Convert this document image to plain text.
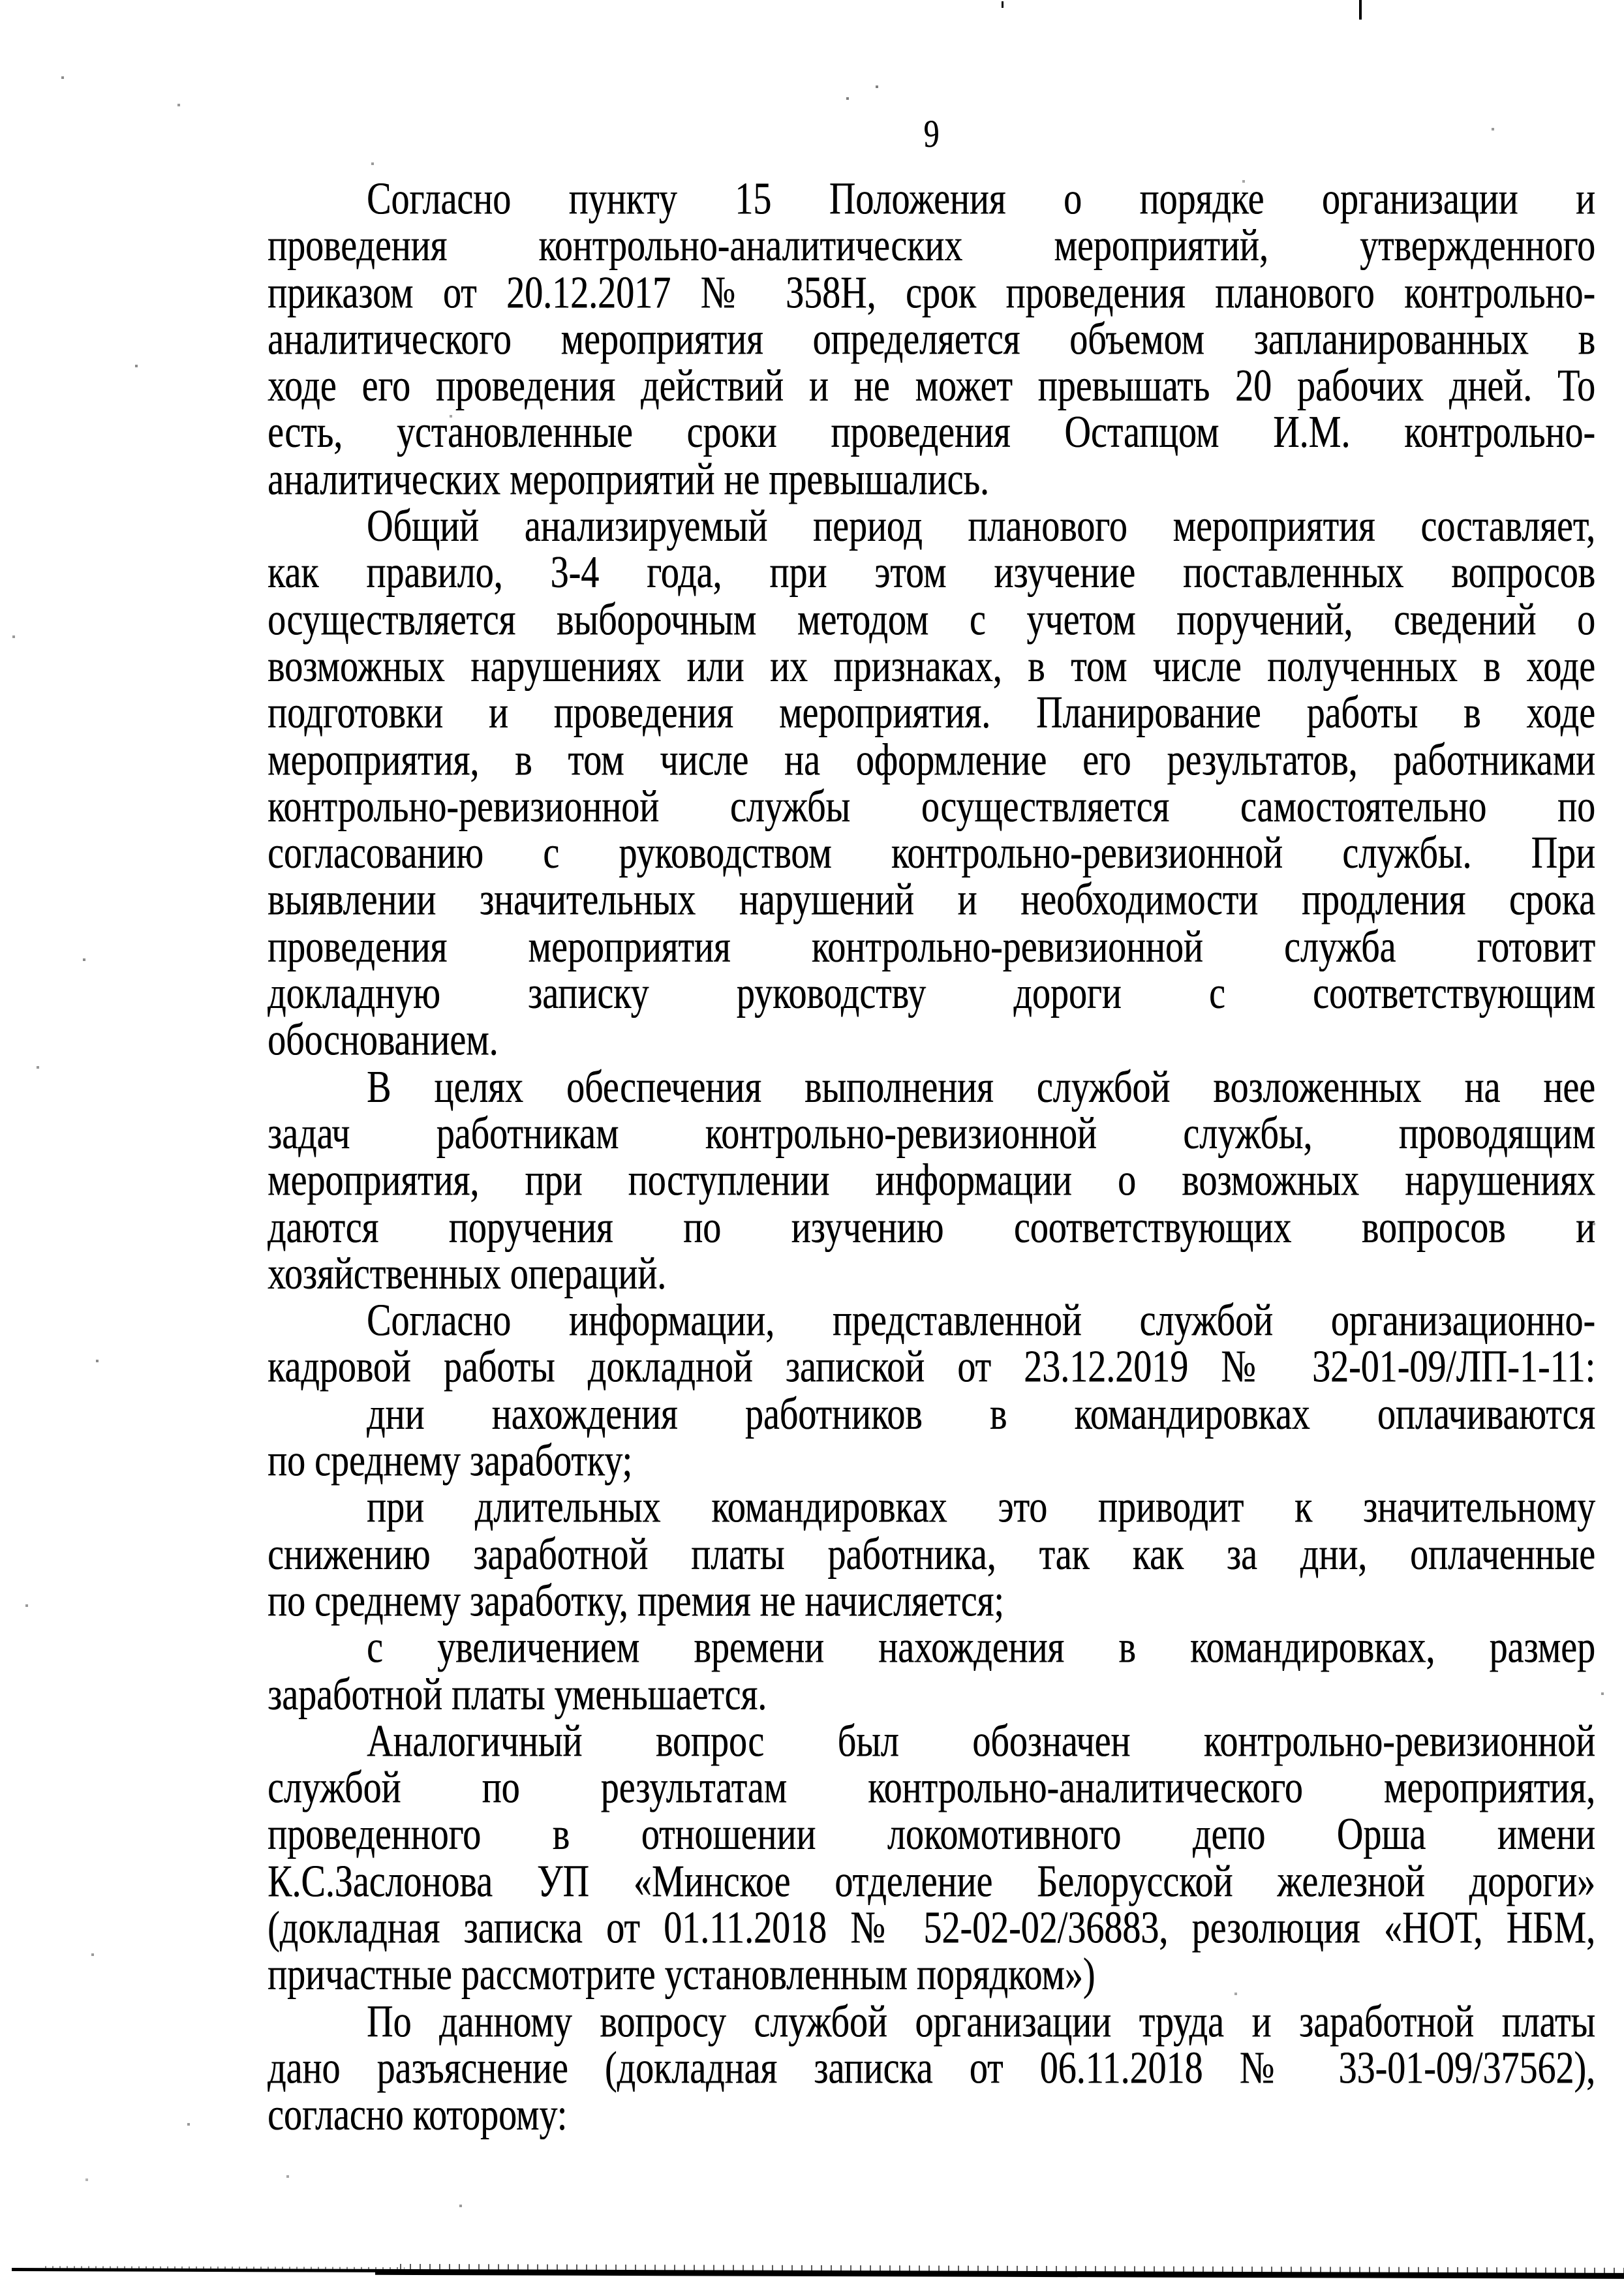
9
Согласно пункту 15 Положения о порядке организации и
проведения контрольно-аналитических мероприятий, утвержденного
приказом от 20.12.2017 № 358Н, срок проведения планового контрольно-
аналитического мероприятия определяется объемом запланированных в
ходе его проведения действий и не может превышать 20 рабочих дней. То
есть, установленные сроки проведения Остапцом И.М. контрольно-
аналитических мероприятий не превышались.
Общий анализируемый период планового мероприятия составляет,
как правило, 3-4 года, при этом изучение поставленных вопросов
осуществляется выборочным методом с учетом поручений, сведений о
возможных нарушениях или их признаках, в том числе полученных в ходе
подготовки и проведения мероприятия. Планирование работы в ходе
мероприятия, в том числе на оформление его результатов, работниками
контрольно-ревизионной службы осуществляется самостоятельно по
согласованию с руководством контрольно-ревизионной службы. При
выявлении значительных нарушений и необходимости продления срока
проведения мероприятия контрольно-ревизионной служба готовит
докладную записку руководству дороги с соответствующим
обоснованием.
В целях обеспечения выполнения службой возложенных на нее
задач работникам контрольно-ревизионной службы, проводящим
мероприятия, при поступлении информации о возможных нарушениях
даются поручения по изучению соответствующих вопросов и
хозяйственных операций.
Согласно информации, представленной службой организационно-
кадровой работы докладной запиской от 23.12.2019 № 32-01-09/ЛП-1-11:
дни нахождения работников в командировках оплачиваются
по среднему заработку;
при длительных командировках это приводит к значительному
снижению заработной платы работника, так как за дни, оплаченные
по среднему заработку, премия не начисляется;
с увеличением времени нахождения в командировках, размер
заработной платы уменьшается.
Аналогичный вопрос был обозначен контрольно-ревизионной
службой по результатам контрольно-аналитического мероприятия,
проведенного в отношении локомотивного депо Орша имени
К.С.Заслонова УП «Минское отделение Белорусской железной дороги»
(докладная записка от 01.11.2018 № 52-02-02/36883, резолюция «НОТ, НБМ,
причастные рассмотрите установленным порядком»)
По данному вопросу службой организации труда и заработной платы
дано разъяснение (докладная записка от 06.11.2018 № 33-01-09/37562),
согласно которому:
